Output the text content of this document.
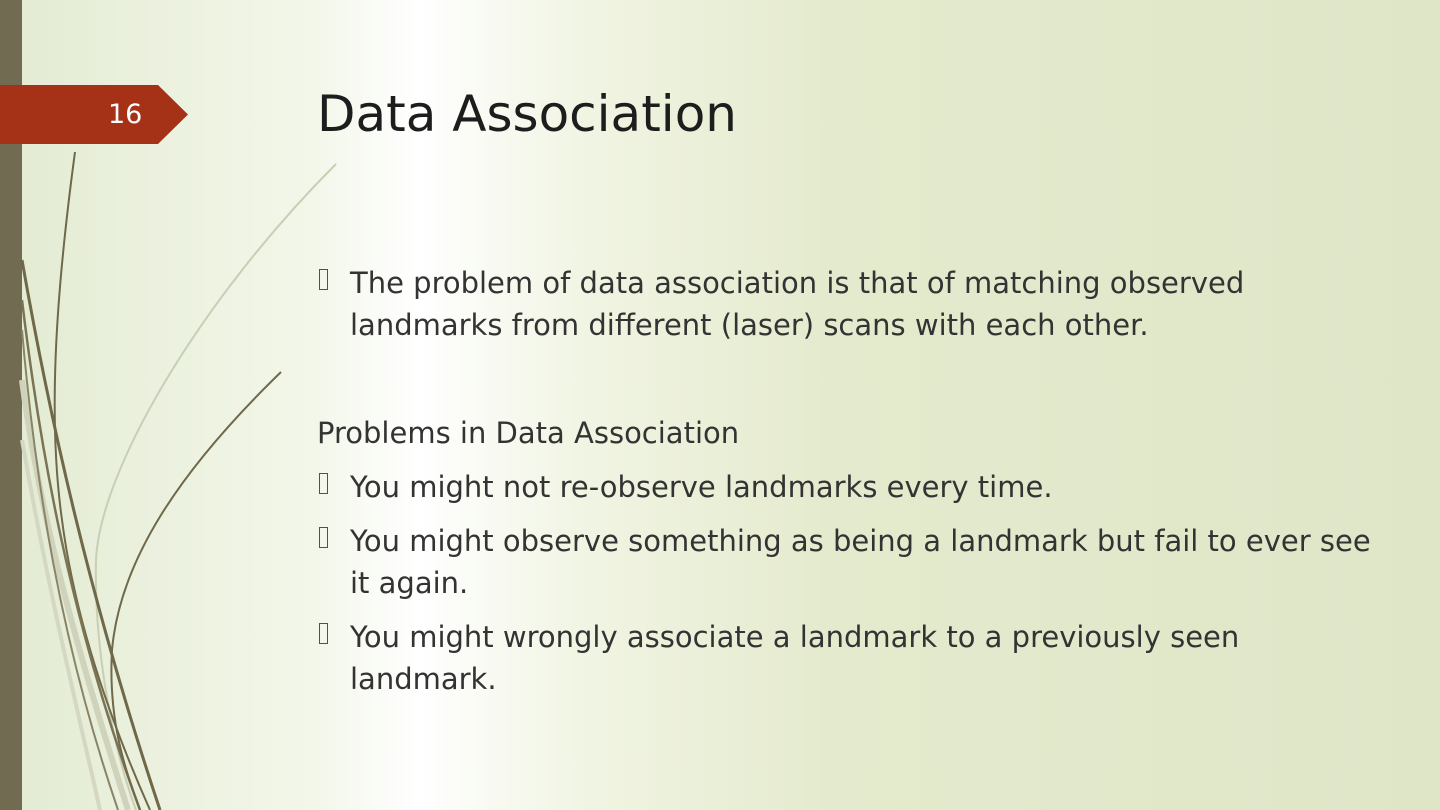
16	Data Association
The problem of data association is that of matching observed landmarks from different (laser) scans with each other.
Problems in Data Association
You might not re-observe landmarks every time.
You might observe something as being a landmark but fail to ever see it again.
You might wrongly associate a landmark to a previously seen landmark.
